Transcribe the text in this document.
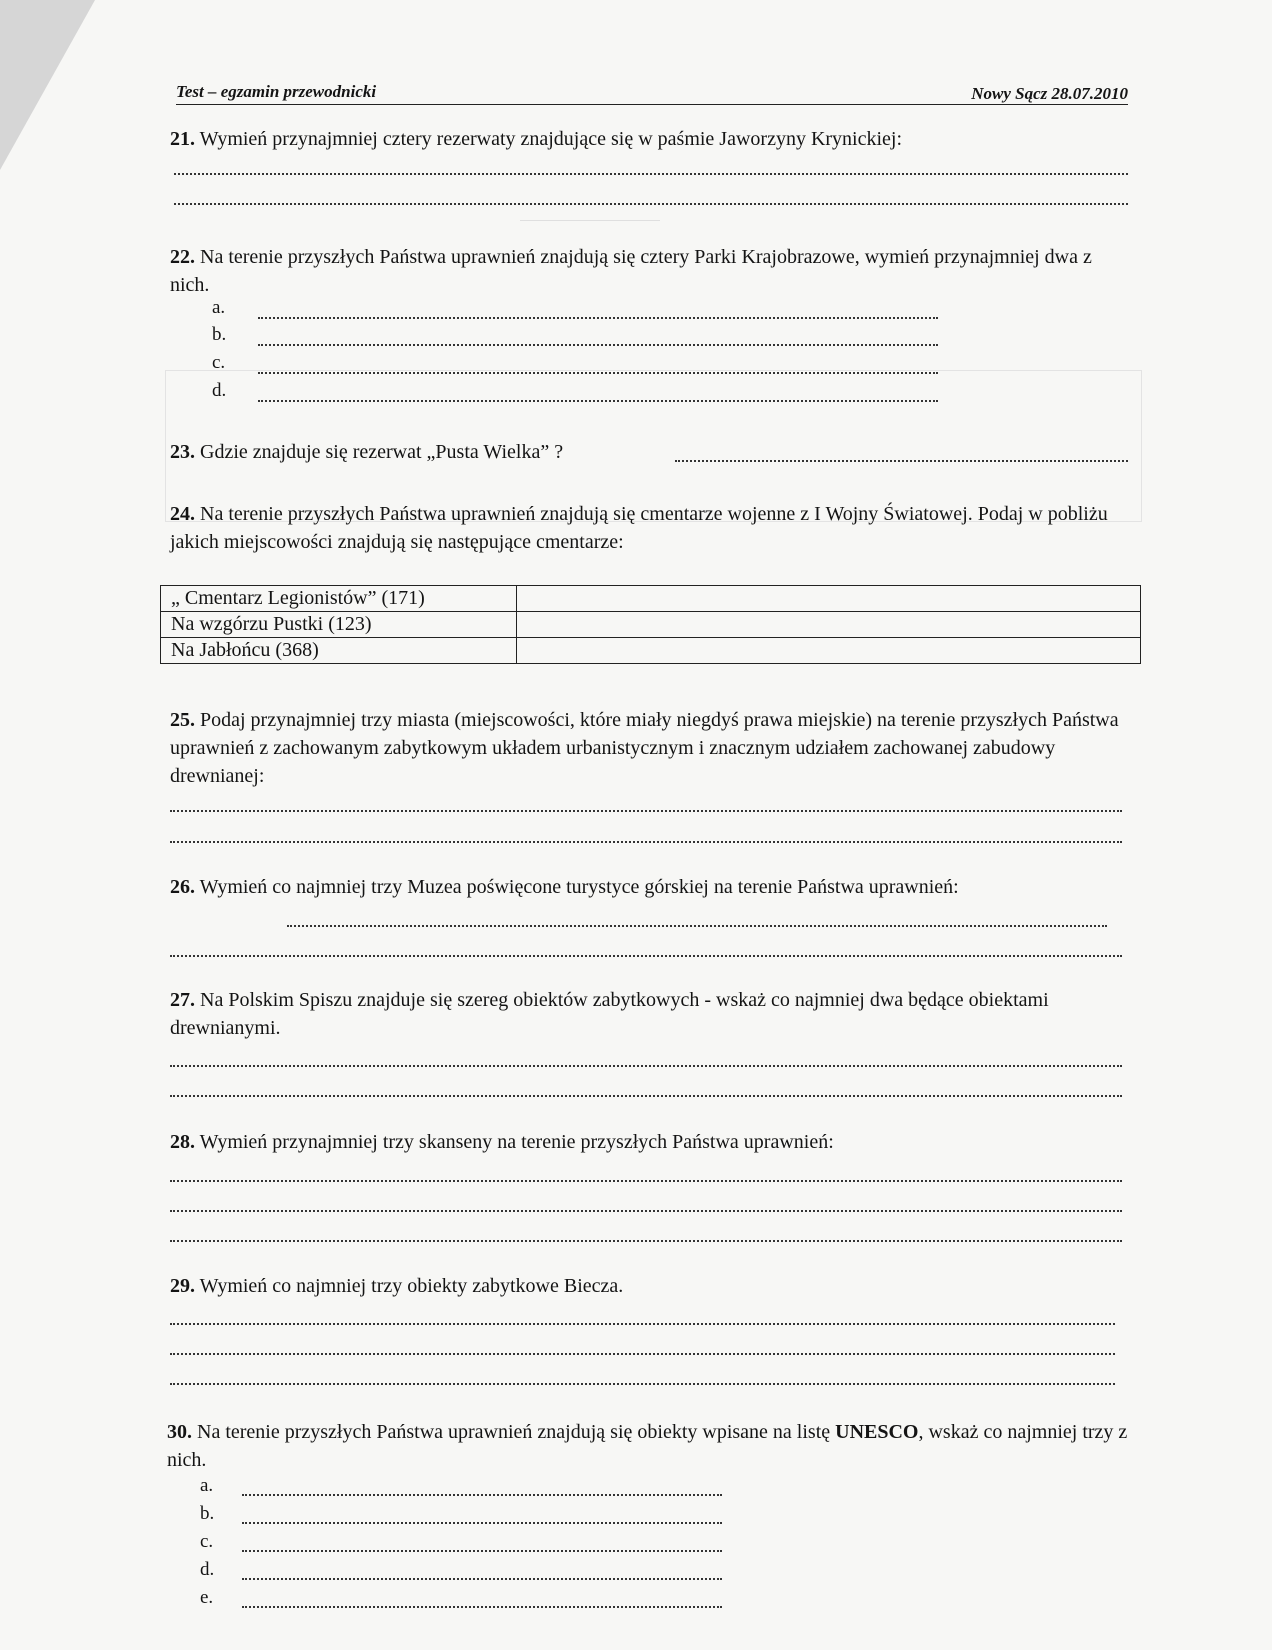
Test – egzamin przewodnicki	Nowy Sącz 28.07.2010
21. Wymień przynajmniej cztery rezerwaty znajdujące się w paśmie Jaworzyny Krynickiej:
22. Na terenie przyszłych Państwa uprawnień znajdują się cztery Parki Krajobrazowe, wymień przynajmniej dwa z nich.
a.
b.
c.
d.
23. Gdzie znajduje się rezerwat „Pusta Wielka” ?
24. Na terenie przyszłych Państwa uprawnień znajdują się cmentarze wojenne z I Wojny Światowej. Podaj w pobliżu jakich miejscowości znajdują się następujące cmentarze:
„ Cmentarz Legionistów” (171)	
Na wzgórzu Pustki (123)	
Na Jabłońcu (368)	
25. Podaj przynajmniej trzy miasta (miejscowości, które miały niegdyś prawa miejskie) na terenie przyszłych Państwa uprawnień z zachowanym zabytkowym układem urbanistycznym i znacznym udziałem zachowanej zabudowy drewnianej:
26. Wymień co najmniej trzy Muzea poświęcone turystyce górskiej na terenie Państwa uprawnień:
27. Na Polskim Spiszu znajduje się szereg obiektów zabytkowych - wskaż co najmniej dwa będące obiektami drewnianymi.
28. Wymień przynajmniej trzy skanseny na terenie przyszłych Państwa uprawnień:
29. Wymień co najmniej trzy obiekty zabytkowe Biecza.
30. Na terenie przyszłych Państwa uprawnień znajdują się obiekty wpisane na listę UNESCO, wskaż co najmniej trzy z nich.
a.
b.
c.
d.
e.
